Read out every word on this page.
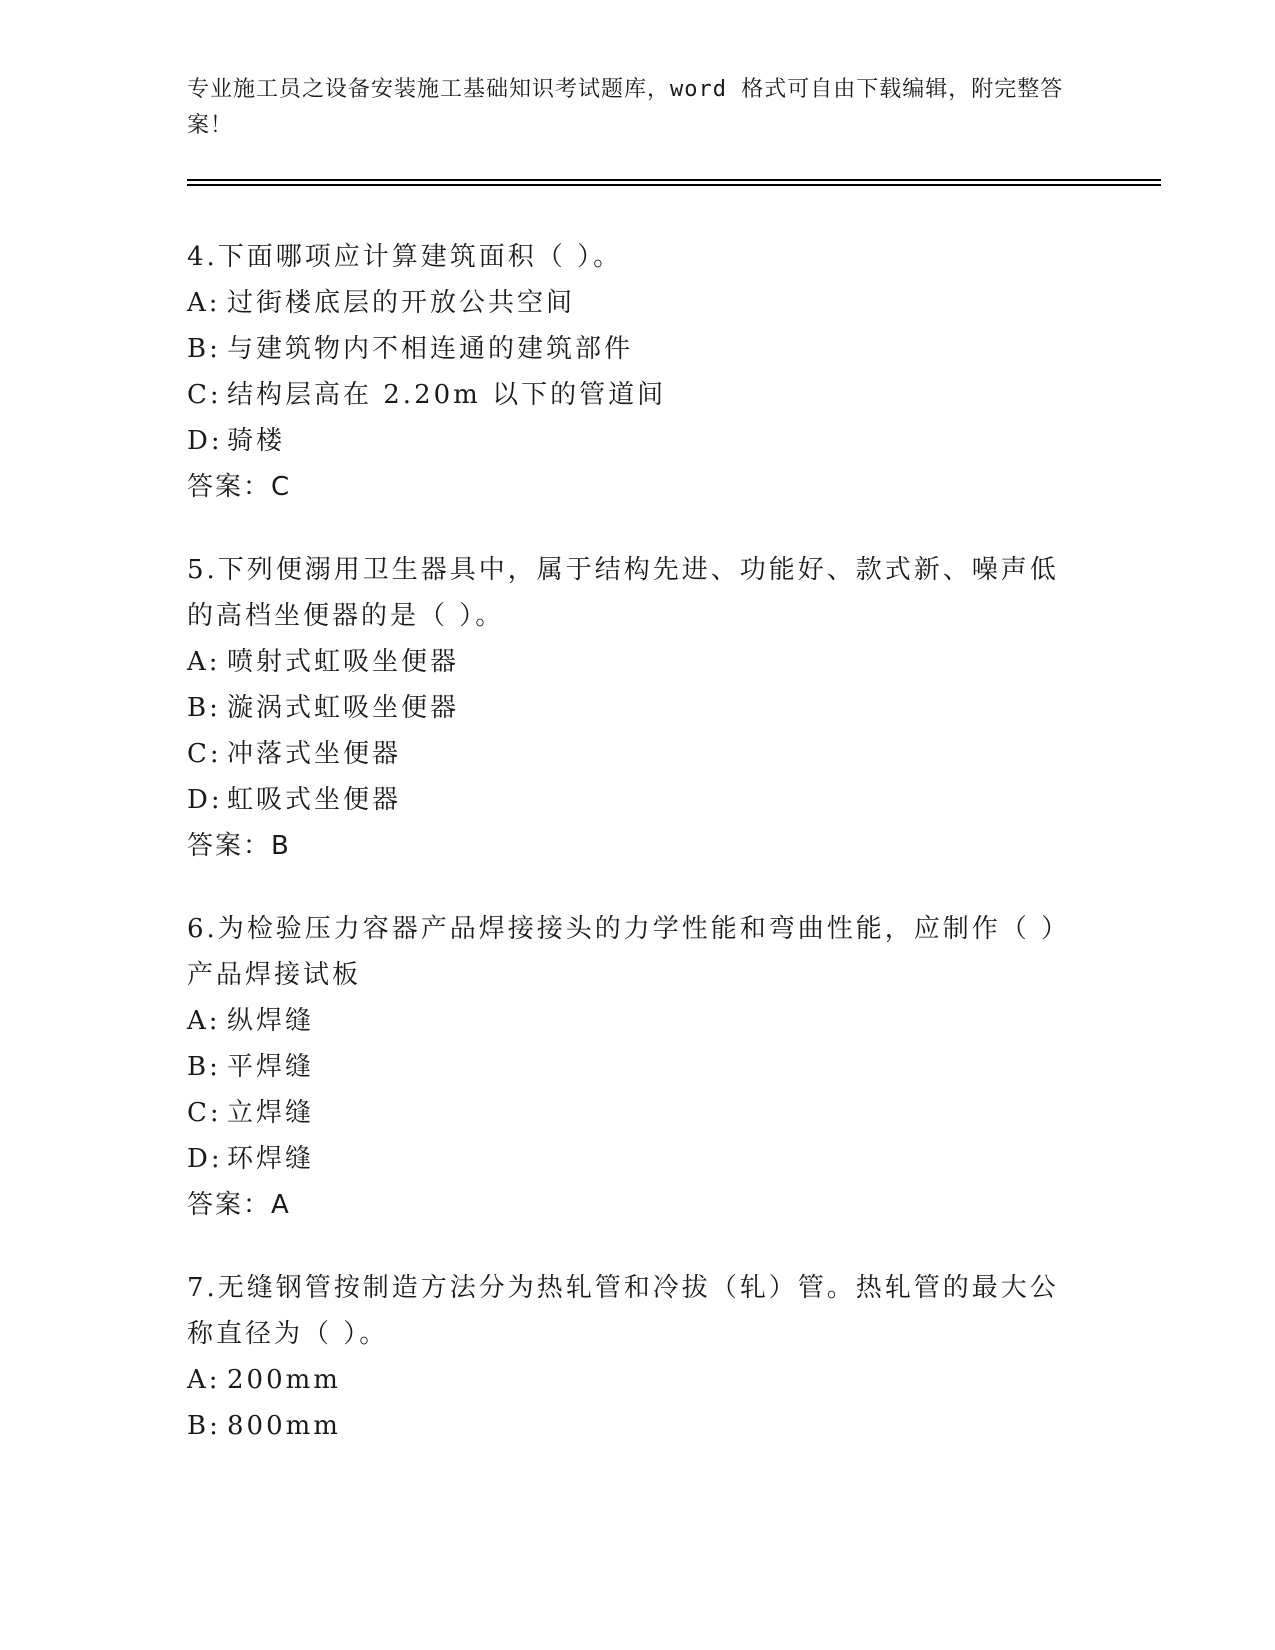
专业施工员之设备安装施工基础知识考试题库，word 格式可自由下载编辑，附完整答案！

4.下面哪项应计算建筑面积（ ）。

A: 过街楼底层的开放公共空间

B: 与建筑物内不相连通的建筑部件

C: 结构层高在 2.20m 以下的管道间

D: 骑楼

答案：C

5.下列便溺用卫生器具中，属于结构先进、功能好、款式新、噪声低的高档坐便器的是（ ）。

A: 喷射式虹吸坐便器

B: 漩涡式虹吸坐便器

C: 冲落式坐便器

D: 虹吸式坐便器

答案：B

6.为检验压力容器产品焊接接头的力学性能和弯曲性能，应制作（ ）产品焊接试板

A: 纵焊缝

B: 平焊缝

C: 立焊缝

D: 环焊缝

答案：A

7.无缝钢管按制造方法分为热轧管和冷拔（轧）管。热轧管的最大公称直径为（ ）。

A: 200mm

B: 800mm
